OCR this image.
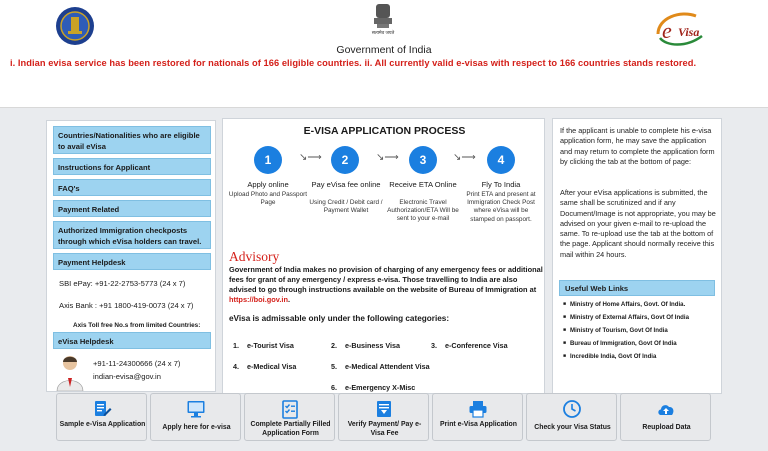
सत्यमेव जयते
Government of India
e Visa
i. Indian evisa service has been restored for nationals of 166 eligible countries. ii. All currently valid e-visas with respect to 166 countries stands restored.
Countries/Nationalities who are eligible to avail eVisa
Instructions for Applicant
FAQ's
Payment Related
Authorized Immigration checkposts through which eVisa holders can travel.
Payment Helpdesk
SBI ePay: +91-22-2753-5773 (24 x 7)
Axis Bank : +91 1800-419-0073 (24 x 7)
Axis Toll free No.s from limited Countries:
eVisa Helpdesk
+91-11-24300666 (24 x 7)
indian-evisa@gov.in
E-VISA APPLICATION PROCESS
1	↘⟶	2	↘⟶	3	↘⟶	4
Apply online
Upload Photo and Passport Page
Pay eVisa fee online
Using Credit / Debit card / Payment Wallet
Receive ETA Online
Electronic Travel Authorization/ETA Will be sent to your e-mail
Fly To India
Print ETA and present at Immigration Check Post where eVisa will be stamped on passport.
Advisory
Government of India makes no provision of charging of any emergency fees or additional fees for grant of any emergency / express e-visa. Those travelling to India are also advised to go through instructions available on the website of Bureau of Immigration at https://boi.gov.in.
eVisa is admissable only under the following categories:
1. e-Tourist Visa	2. e-Business Visa	3. e-Conference Visa
4. e-Medical Visa	5. e-Medical Attendent Visa
6. e-Emergency X-Misc
If the applicant is unable to complete his e-visa application form, he may save the application and may return to complete the application form by clicking the tab at the bottom of page:
After your eVisa applications is submitted, the same shall be scrutinized and if any Document/Image is not appropriate, you may be advised on your given e-mail to re-upload the same. To re-upload use the tab at the bottom of the page. Applicant should normally receive this mail within 24 hours.
Useful Web Links
■ Ministry of Home Affairs, Govt. Of India.
■ Ministry of External Affairs, Govt Of India
■ Ministry of Tourism, Govt Of India
■ Bureau of Immigration, Govt Of India
■ Incredible India, Govt Of India
Sample e-Visa Application	Apply here for e-visa	Complete Partially Filled Application Form
Verify Payment/ Pay e-Visa Fee
Print e-Visa Application	Check your Visa Status	Reupload Data
